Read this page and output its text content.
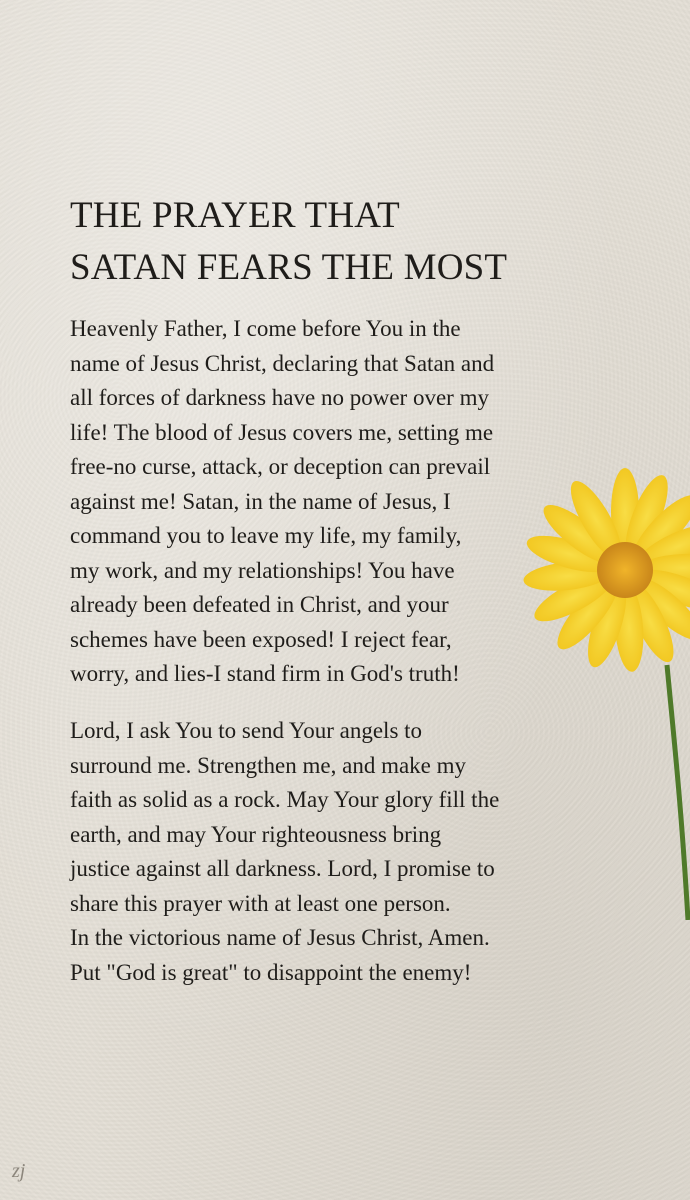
THE PRAYER THAT
SATAN FEARS THE MOST
Heavenly Father, I come before You in the
name of Jesus Christ, declaring that Satan and
all forces of darkness have no power over my
life! The blood of Jesus covers me, setting me
free-no curse, attack, or deception can prevail
against me! Satan, in the name of Jesus, I
command you to leave my life, my family,
my work, and my relationships! You have
already been defeated in Christ, and your
schemes have been exposed! I reject fear,
worry, and lies-I stand firm in God's truth!
Lord, I ask You to send Your angels to
surround me. Strengthen me, and make my
faith as solid as a rock. May Your glory fill the
earth, and may Your righteousness bring
justice against all darkness. Lord, I promise to
share this prayer with at least one person.
In the victorious name of Jesus Christ, Amen.
Put "God is great" to disappoint the enemy!
zj
